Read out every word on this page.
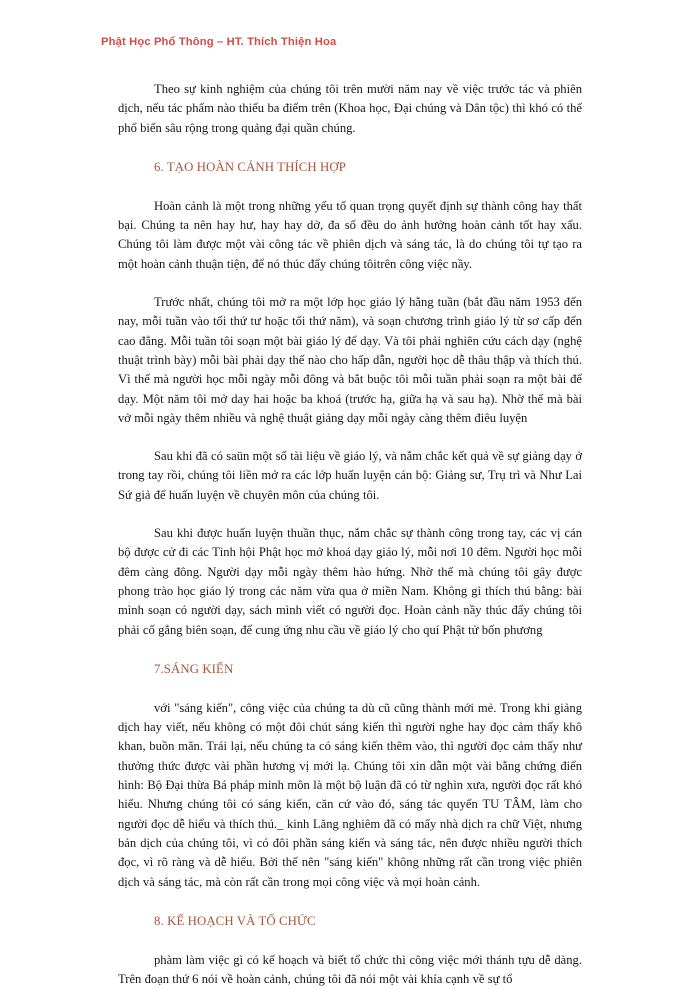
Phật Học Phổ Thông – HT. Thích Thiện Hoa

Theo sự kinh nghiệm của chúng tôi trên mười năm nay về việc trước tác và phiên dịch, nếu tác phẩm nào thiếu ba điểm trên (Khoa học, Đại chúng và Dân tộc) thì khó có thể phổ biến sâu rộng trong quảng đại quần chúng.

6. TẠO HOÀN CẢNH THÍCH HỢP

Hoàn cảnh là một trong những yếu tố quan trọng quyết định sự thành công hay thất bại. Chúng ta nên hay hư, hay hay dở, đa số đều do ảnh hưởng hoàn cảnh tốt hay xấu. Chúng tôi làm được một vài công tác về phiên dịch và sáng tác, là do chúng tôi tự tạo ra một hoàn cảnh thuận tiện, để nó thúc đẩy chúng tôitrên công việc nầy.

Trước nhất, chúng tôi mở ra một lớp học giáo lý hằng tuần (bắt đầu năm 1953 đến nay, mỗi tuần vào tối thứ tư hoặc tối thứ năm), và soạn chương trình giáo lý từ sơ cấp đến cao đẳng. Mỗi tuần tôi soạn một bài giáo lý để dạy. Và tôi phải nghiên cứu cách dạy (nghệ thuật trình bày) mỗi bài phải dạy thế nào cho hấp dẫn, người học dễ thâu thập và thích thú. Vì thế mà người học mỗi ngày mỗi đông và bắt buộc tôi mỗi tuần phải soạn ra một bài để dạy. Một năm tôi mở day hai hoặc ba khoá (trước hạ, giữa hạ và sau hạ). Nhờ thế mà bài vở mỗi ngày thêm nhiều và nghệ thuật giảng dạy mỗi ngày càng thêm điêu luyện

Sau khi đã có saün một số tài liệu về giáo lý, và nắm chắc kết quả về sự giảng dạy ở trong tay rồi, chúng tôi liền mở ra các lớp huấn luyện cán bộ: Giảng sư, Trụ trì và Như Lai Sứ giả để huấn luyện về chuyên môn của chúng tôi.

Sau khi được huấn luyện thuần thục, nắm chắc sự thành công trong tay, các vị cán bộ được cử đi các Tỉnh hội Phật học mở khoá dạy giáo lý, mỗi nơi 10 đêm. Người học mỗi đêm càng đông. Người dạy mỗi ngày thêm hào hứng. Nhờ thế mà chúng tôi gây được phong trào học giáo lý trong các năm vừa qua ở miền Nam. Không gì thích thú bằng: bài mình soạn có người dạy, sách mình viết có người đọc. Hoàn cảnh nầy thúc đẩy chúng tôi phải cố gắng biên soạn, để cung ứng nhu cầu về giáo lý cho quí Phật tử bốn phương

7.SÁNG KIẾN

với "sáng kiến", công việc của chúng ta dù cũ cũng thành mới mẻ. Trong khi giảng dịch hay viết, nếu không có một đôi chút sáng kiến thì người nghe hay đọc cảm thấy khô khan, buồn mãn. Trái lại, nếu chúng ta có sáng kiến thêm vào, thì người đọc cảm thấy như thưởng thức được vài phần hương vị mới lạ. Chúng tôi xin dẫn một vài bằng chứng điển hình: Bộ Đại thừa Bá pháp minh môn là một bộ luận đã có từ nghìn xưa, người đọc rất khó hiểu. Nhưng chúng tôi có sáng kiến, căn cứ vào đó, sáng tác quyển TU TÂM, làm cho người đọc dễ hiểu và thích thú._ kinh Lăng nghiêm đã có mấy nhà dịch ra chữ Việt, nhưng bản dịch của chúng tôi, vì có đôi phần sáng kiến và sáng tác, nên được nhiều người thích đọc, vì rõ ràng và dễ hiểu. Bởi thế nên "sáng kiến" không những rất cần trong việc phiên dịch và sáng tác, mà còn rất cần trong mọi công việc và mọi hoàn cảnh.

8. KẾ HOẠCH VÀ TỔ CHỨC

phàm làm việc gì có kế hoạch và biết tổ chức thì công việc mới thánh tựu dễ dàng. Trên đoạn thứ 6 nói về hoàn cảnh, chúng tôi đã nói một vài khía cạnh về sự tổ
